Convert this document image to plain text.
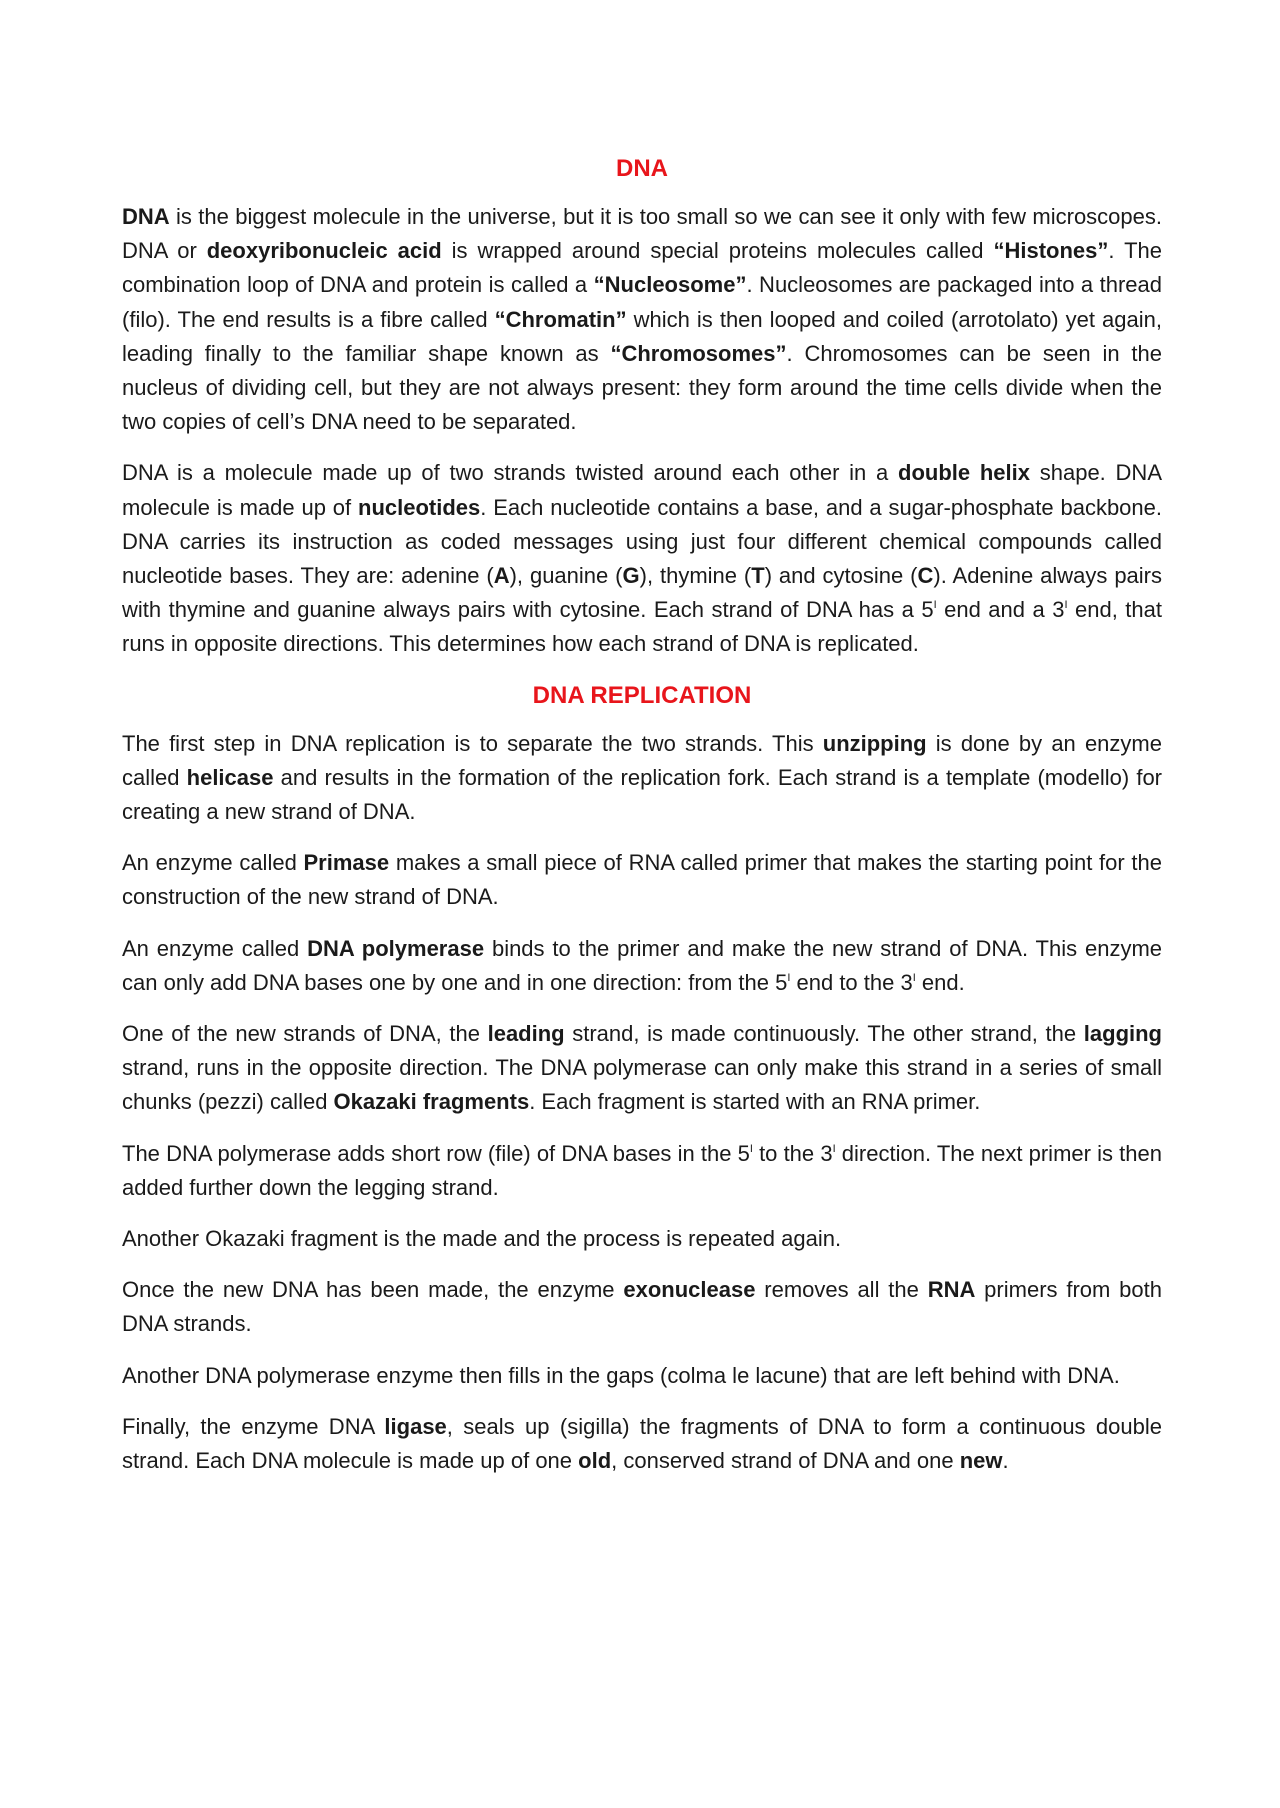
DNA

DNA is the biggest molecule in the universe, but it is too small so we can see it only with few microscopes. DNA or deoxyribonucleic acid is wrapped around special proteins molecules called “Histones”. The combination loop of DNA and protein is called a “Nucleosome”. Nucleosomes are packaged into a thread (filo). The end results is a fibre called “Chromatin” which is then looped and coiled (arrotolato) yet again, leading finally to the familiar shape known as “Chromosomes”. Chromosomes can be seen in the nucleus of dividing cell, but they are not always present: they form around the time cells divide when the two copies of cell’s DNA need to be separated.

DNA is a molecule made up of two strands twisted around each other in a double helix shape. DNA molecule is made up of nucleotides. Each nucleotide contains a base, and a sugar-phosphate backbone. DNA carries its instruction as coded messages using just four different chemical compounds called nucleotide bases. They are: adenine (A), guanine (G), thymine (T) and cytosine (C). Adenine always pairs with thymine and guanine always pairs with cytosine. Each strand of DNA has a $5^I$ end and a $3^I$ end, that runs in opposite directions. This determines how each strand of DNA is replicated.

DNA REPLICATION

The first step in DNA replication is to separate the two strands. This unzipping is done by an enzyme called helicase and results in the formation of the replication fork. Each strand is a template (modello) for creating a new strand of DNA.

An enzyme called Primase makes a small piece of RNA called primer that makes the starting point for the construction of the new strand of DNA.

An enzyme called DNA polymerase binds to the primer and make the new strand of DNA. This enzyme can only add DNA bases one by one and in one direction: from the $5^I$ end to the $3^I$ end.

One of the new strands of DNA, the leading strand, is made continuously. The other strand, the lagging strand, runs in the opposite direction. The DNA polymerase can only make this strand in a series of small chunks (pezzi) called Okazaki fragments. Each fragment is started with an RNA primer.

The DNA polymerase adds short row (file) of DNA bases in the $5^I$ to the $3^I$ direction. The next primer is then added further down the legging strand.

Another Okazaki fragment is the made and the process is repeated again.

Once the new DNA has been made, the enzyme exonuclease removes all the RNA primers from both DNA strands.

Another DNA polymerase enzyme then fills in the gaps (colma le lacune) that are left behind with DNA.

Finally, the enzyme DNA ligase, seals up (sigilla) the fragments of DNA to form a continuous double strand. Each DNA molecule is made up of one old, conserved strand of DNA and one new.
